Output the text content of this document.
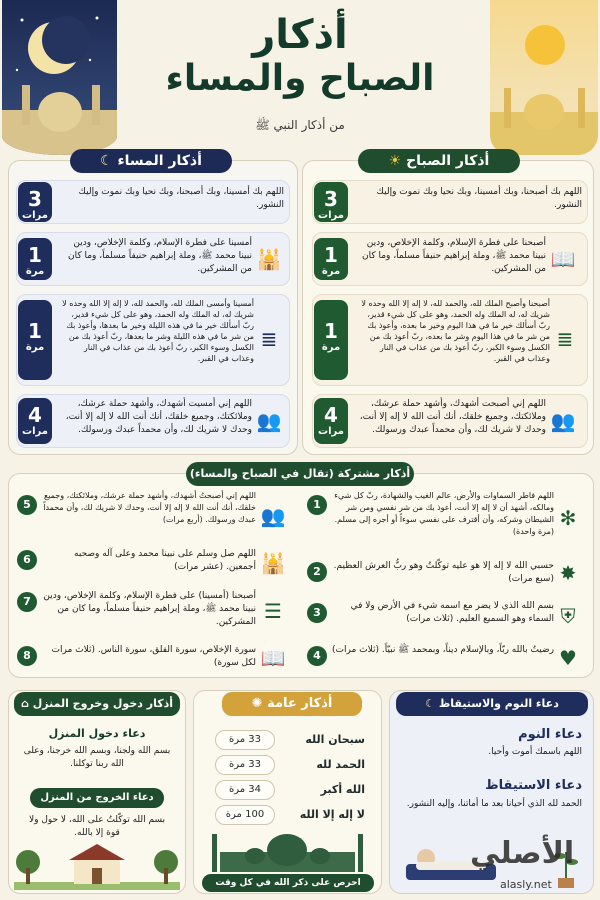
أذكار
الصباح والمساء
من أذكار النبي ﷺ
☀ أذكار الصباح
☾ أذكار المساء
3
مرات
اللهم بك أصبحنا، وبك أمسينا، وبك نحيا وبك نموت وإليك النشور.
1
مرة
📖
أصبحنا على فطرة الإسلام، وكلمة الإخلاص، ودين نبينا محمد ﷺ، وملة إبراهيم حنيفاً مسلماً، وما كان من المشركين.
1
مرة	≣
أصبحنا وأصبح الملك لله، والحمد لله، لا إله إلا الله وحده لا شريك له، له الملك وله الحمد، وهو على كل شيء قدير، ربّ أسألك خير ما في هذا اليوم وخير ما بعده، وأعوذ بك من شر ما في هذا اليوم وشر ما بعده، ربّ أعوذ بك من الكسل وسوء الكبر، ربّ أعوذ بك من عذاب في النار وعذاب في القبر.
4
مرات	👥
اللهم إني أصبحت أشهدك، وأشهد حملة عرشك، وملائكتك، وجميع خلقك، أنك أنت الله لا إله إلا أنت، وحدك لا شريك لك، وأن محمداً عبدك ورسولك.
3
مرات
اللهم بك أمسينا، وبك أصبحنا، وبك نحيا وبك نموت وإليك النشور.
1
مرة
🕌
أمسينا على فطرة الإسلام، وكلمة الإخلاص، ودين نبينا محمد ﷺ، وملة إبراهيم حنيفاً مسلماً، وما كان من المشركين.
1
مرة	≣
أمسينا وأمسى الملك لله، والحمد لله، لا إله إلا الله وحده لا شريك له، له الملك وله الحمد، وهو على كل شيء قدير، ربّ أسألك خير ما في هذه الليلة وخير ما بعدها، وأعوذ بك من شر ما في هذه الليلة وشر ما بعدها، ربّ أعوذ بك من الكسل وسوء الكبر، ربّ أعوذ بك من عذاب في النار وعذاب في القبر.
4
مرات	👥
اللهم إني أمسيت أشهدك، وأشهد حملة عرشك، وملائكتك، وجميع خلقك، أنك أنت الله لا إله إلا أنت، وحدك لا شريك لك، وأن محمداً عبدك ورسولك.
أذكار مشتركة (تقال في الصباح والمساء)
1
✻
اللهم فاطر السماوات والأرض، عالم الغيب والشهادة، ربّ كل شيء ومالكه، أشهد أن لا إله إلا أنت، أعوذ بك من شر نفسي ومن شر الشيطان وشركه، وأن أقترف على نفسي سوءاً أو أجره إلى مسلم. (مرة واحدة)
2	✸
حسبي الله لا إله إلا هو عليه توكّلتُ وهو ربُّ العرش العظيم. (سبع مرات)
3	⛨
بسم الله الذي لا يضر مع اسمه شيء في الأرض ولا في السماء وهو السميع العليم. (ثلاث مرات)
4	♥
رضيتُ بالله ربّاً، وبالإسلام ديناً، وبمحمد ﷺ نبيّاً. (ثلاث مرات)
5	👥
اللهم إني أصبحتُ أشهدك، وأشهد حملة عرشك، وملائكتك، وجميع خلقك، أنك أنت الله لا إله إلا أنت، وحدك لا شريك لك، وأن محمداً عبدك ورسولك. (أربع مرات)
6	🕌
اللهم صل وسلم على نبينا محمد وعلى آله وصحبه أجمعين. (عشر مرات)
7	☰
أصبحنا (أمسينا) على فطرة الإسلام، وكلمة الإخلاص، ودين نبينا محمد ﷺ، وملة إبراهيم حنيفاً مسلماً، وما كان من المشركين.
8	📖
سورة الإخلاص، سورة الفلق، سورة الناس. (ثلاث مرات لكل سورة)
⌂ أذكار دخول وخروج المنزل
دعاء دخول المنزل
بسم الله ولجنا، وبسم الله خرجنا، وعلى الله ربنا توكلنا.
دعاء الخروج من المنزل
بسم الله توكّلتُ على الله، لا حول ولا قوة إلا بالله.
✺ أذكار عامة
33 مرة	سبحان الله
33 مرة	الحمد لله
34 مرة	الله أكبر
100 مرة	لا إله إلا الله
احرص على ذكر الله في كل وقت
☾ دعاء النوم والاستيقاظ
دعاء النوم
اللهم باسمك أموت وأحيا.
دعاء الاستيقاظ
الحمد لله الذي أحيانا بعد ما أماتنا، وإليه النشور.
الأصلي
alasly.net
